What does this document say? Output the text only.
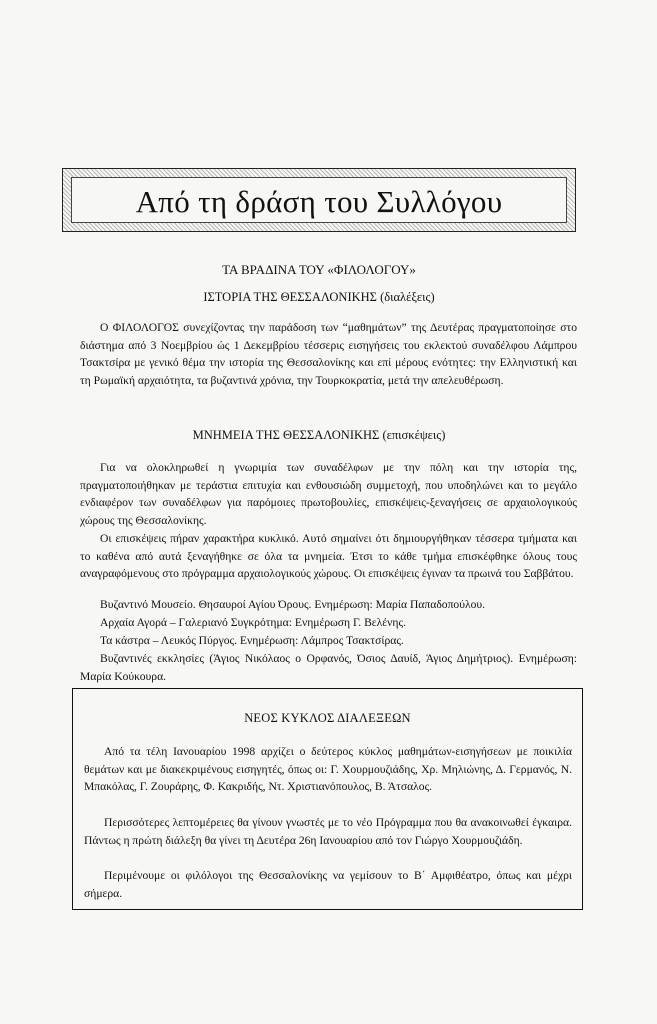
Από τη δράση του Συλλόγου
ΤΑ ΒΡΑΔΙΝΑ ΤΟΥ «ΦΙΛΟΛΟΓΟΥ»
ΙΣΤΟΡΙΑ ΤΗΣ ΘΕΣΣΑΛΟΝΙΚΗΣ (διαλέξεις)

Ο ΦΙΛΟΛΟΓΟΣ συνεχίζοντας την παράδοση των “μαθημάτων” της Δευτέρας πραγματοποίησε στο διάστημα από 3 Νοεμβρίου ώς 1 Δεκεμβρίου τέσσερις εισηγήσεις του εκλεκτού συναδέλφου Λάμπρου Τσακτσίρα με γενικό θέμα την ιστορία της Θεσσαλονίκης και επί μέρους ενότητες: την Ελληνιστική και τη Ρωμαϊκή αρχαιότητα, τα βυζαντινά χρόνια, την Τουρκοκρατία, μετά την απελευθέρωση.

ΜΝΗΜΕΙΑ ΤΗΣ ΘΕΣΣΑΛΟΝΙΚΗΣ (επισκέψεις)

Για να ολοκληρωθεί η γνωριμία των συναδέλφων με την πόλη και την ιστορία της, πραγματοποιήθηκαν με τεράστια επιτυχία και ενθουσιώδη συμμετοχή, που υποδηλώνει και το μεγάλο ενδιαφέρον των συναδέλφων για παρόμοιες πρωτοβουλίες, επισκέψεις-ξεναγήσεις σε αρχαιολογικούς χώρους της Θεσσαλονίκης.

Οι επισκέψεις πήραν χαρακτήρα κυκλικό. Αυτό σημαίνει ότι δημιουργήθηκαν τέσσερα τμήματα και το καθένα από αυτά ξεναγήθηκε σε όλα τα μνημεία. Έτσι το κάθε τμήμα επισκέφθηκε όλους τους αναγραφόμενους στο πρόγραμμα αρχαιολογικούς χώρους. Οι επισκέψεις έγιναν τα πρωινά του Σαββάτου.

Βυζαντινό Μουσείο. Θησαυροί Αγίου Όρους. Ενημέρωση: Μαρία Παπαδοπούλου.

Αρχαία Αγορά – Γαλεριανό Συγκρότημα: Ενημέρωση Γ. Βελένης.

Τα κάστρα – Λευκός Πύργος. Ενημέρωση: Λάμπρος Τσακτσίρας.

Βυζαντινές εκκλησίες (Άγιος Νικόλαος ο Ορφανός, Όσιος Δαυίδ, Άγιος Δημήτριος). Ενημέρωση: Μαρία Κούκουρα.

ΝΕΟΣ ΚΥΚΛΟΣ ΔΙΑΛΕΞΕΩΝ

Από τα τέλη Ιανουαρίου 1998 αρχίζει ο δεύτερος κύκλος μαθημάτων-εισηγήσεων με ποικιλία θεμάτων και με διακεκριμένους εισηγητές, όπως οι: Γ. Χουρμουζιάδης, Χρ. Μηλιώνης, Δ. Γερμανός, Ν. Μπακόλας, Γ. Ζουράρης, Φ. Κακριδής, Ντ. Χριστιανόπουλος, Β. Άτσαλος.

Περισσότερες λεπτομέρειες θα γίνουν γνωστές με το νέο Πρόγραμμα που θα ανακοινωθεί έγκαιρα. Πάντως η πρώτη διάλεξη θα γίνει τη Δευτέρα 26η Ιανουαρίου από τον Γιώργο Χουρμουζιάδη.

Περιμένουμε οι φιλόλογοι της Θεσσαλονίκης να γεμίσουν το Β΄ Αμφιθέατρο, όπως και μέχρι σήμερα.
